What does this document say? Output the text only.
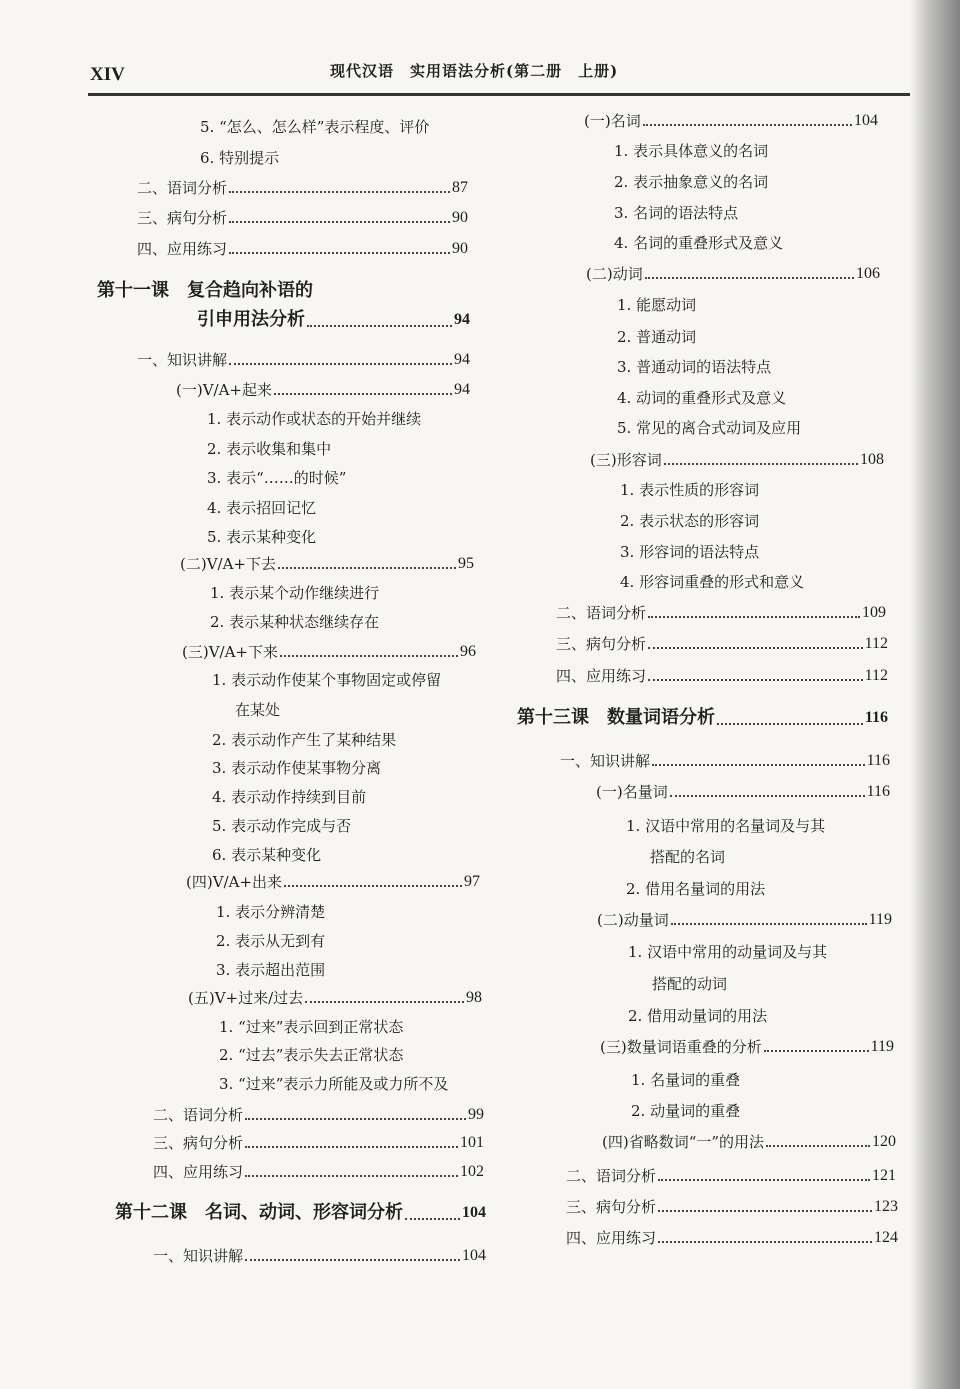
XIV	现代汉语　实用语法分析(第二册　上册)
5. “怎么、怎么样”表示程度、评价
6. 特别提示
二、语词分析	87
三、病句分析	90
四、应用练习	90
第十一课　复合趋向补语的
引申用法分析	94
一、知识讲解	94
(一)V/A+起来	94
1. 表示动作或状态的开始并继续
2. 表示收集和集中
3. 表示“……的时候”
4. 表示招回记忆
5. 表示某种变化
(二)V/A+下去	95
1. 表示某个动作继续进行
2. 表示某种状态继续存在
(三)V/A+下来	96
1. 表示动作使某个事物固定或停留
在某处
2. 表示动作产生了某种结果
3. 表示动作使某事物分离
4. 表示动作持续到目前
5. 表示动作完成与否
6. 表示某种变化
(四)V/A+出来	97
1. 表示分辨清楚
2. 表示从无到有
3. 表示超出范围
(五)V+过来/过去	98
1. “过来”表示回到正常状态
2. “过去”表示失去正常状态
3. “过来”表示力所能及或力所不及
二、语词分析	99
三、病句分析	101
四、应用练习	102
第十二课　名词、动词、形容词分析	104
一、知识讲解	104
(一)名词	104
1. 表示具体意义的名词
2. 表示抽象意义的名词
3. 名词的语法特点
4. 名词的重叠形式及意义
(二)动词	106
1. 能愿动词
2. 普通动词
3. 普通动词的语法特点
4. 动词的重叠形式及意义
5. 常见的离合式动词及应用
(三)形容词	108
1. 表示性质的形容词
2. 表示状态的形容词
3. 形容词的语法特点
4. 形容词重叠的形式和意义
二、语词分析	109
三、病句分析	112
四、应用练习	112
第十三课　数量词语分析	116
一、知识讲解	116
(一)名量词	116
1. 汉语中常用的名量词及与其
搭配的名词
2. 借用名量词的用法
(二)动量词	119
1. 汉语中常用的动量词及与其
搭配的动词
2. 借用动量词的用法
(三)数量词语重叠的分析	119
1. 名量词的重叠
2. 动量词的重叠
(四)省略数词“一”的用法	120
二、语词分析	121
三、病句分析	123
四、应用练习	124
